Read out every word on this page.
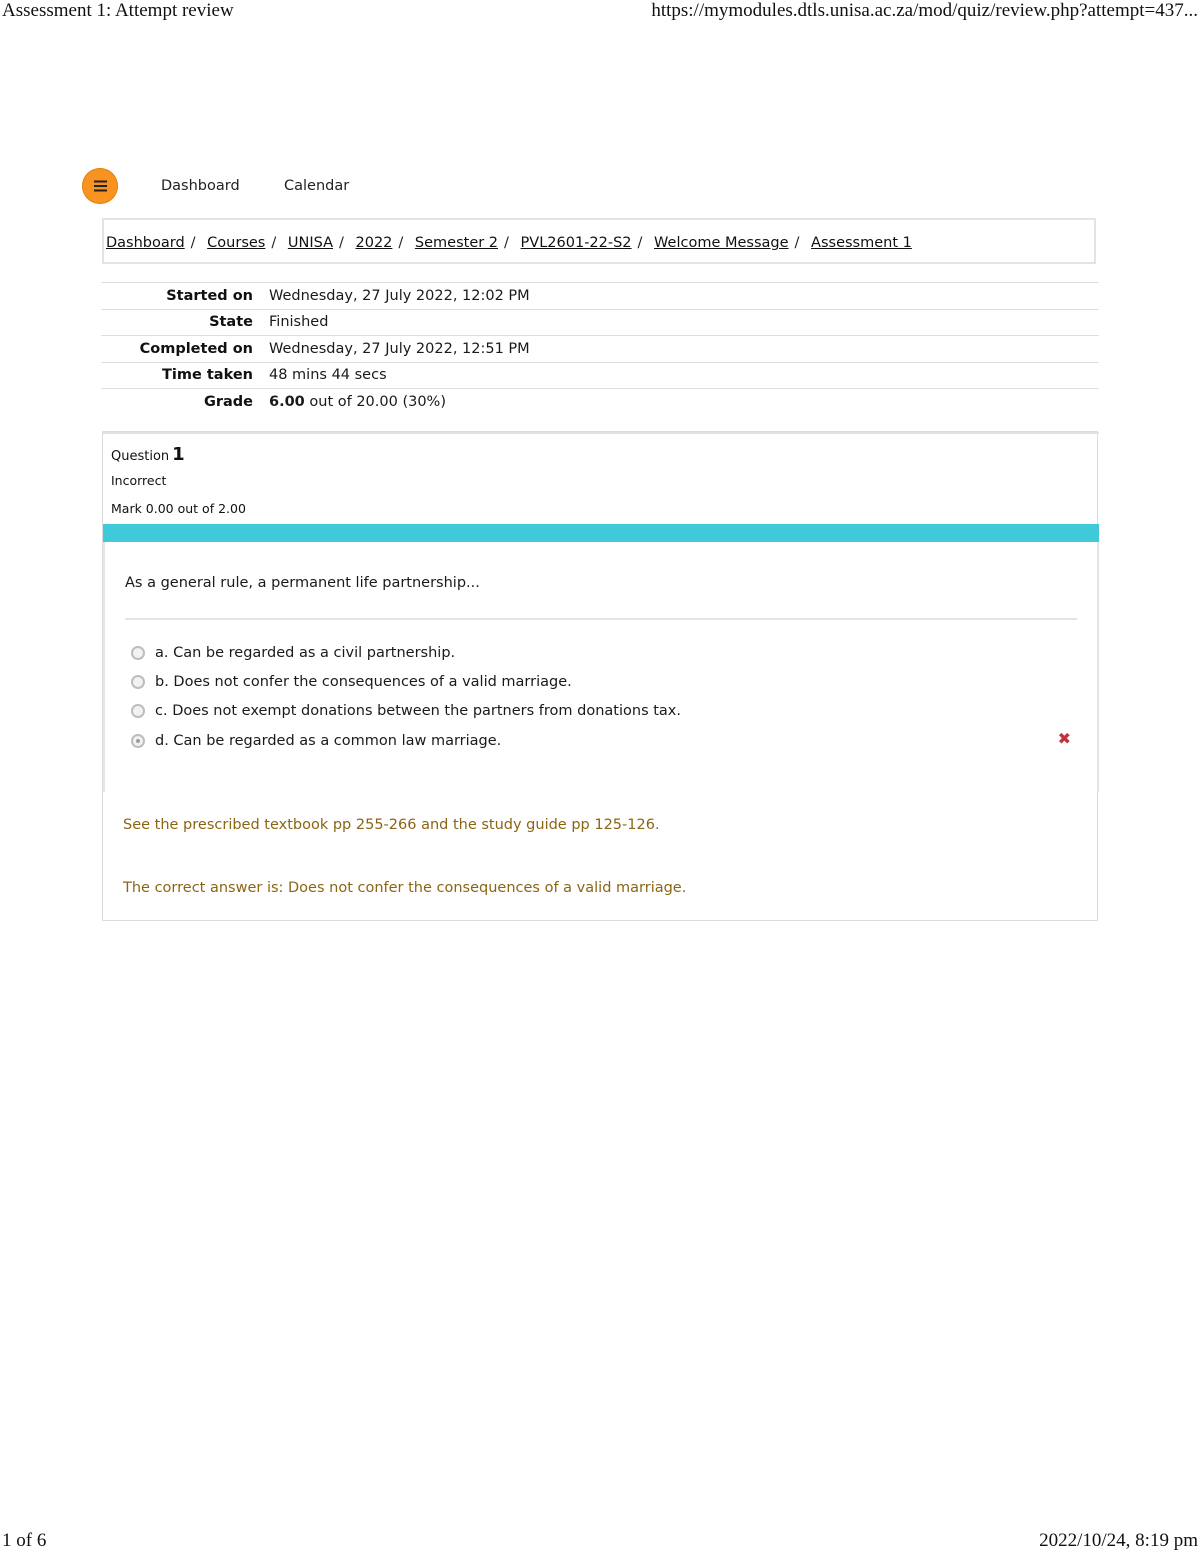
Assessment 1: Attempt review	https://mymodules.dtls.unisa.ac.za/mod/quiz/review.php?attempt=437...
Dashboard	Calendar
Dashboard / Courses / UNISA / 2022 / Semester 2 / PVL2601-22-S2 / Welcome Message / Assessment 1
Started on	Wednesday, 27 July 2022, 12:02 PM
State	Finished
Completed on	Wednesday, 27 July 2022, 12:51 PM
Time taken	48 mins 44 secs
Grade	6.00 out of 20.00 (30%)
Question 1
Incorrect
Mark 0.00 out of 2.00
As a general rule, a permanent life partnership...
a. Can be regarded as a civil partnership.
b. Does not confer the consequences of a valid marriage.
c. Does not exempt donations between the partners from donations tax.
d. Can be regarded as a common law marriage.	✖
See the prescribed textbook pp 255-266 and the study guide pp 125-126.
The correct answer is: Does not confer the consequences of a valid marriage.
1 of 6	2022/10/24, 8:19 pm
